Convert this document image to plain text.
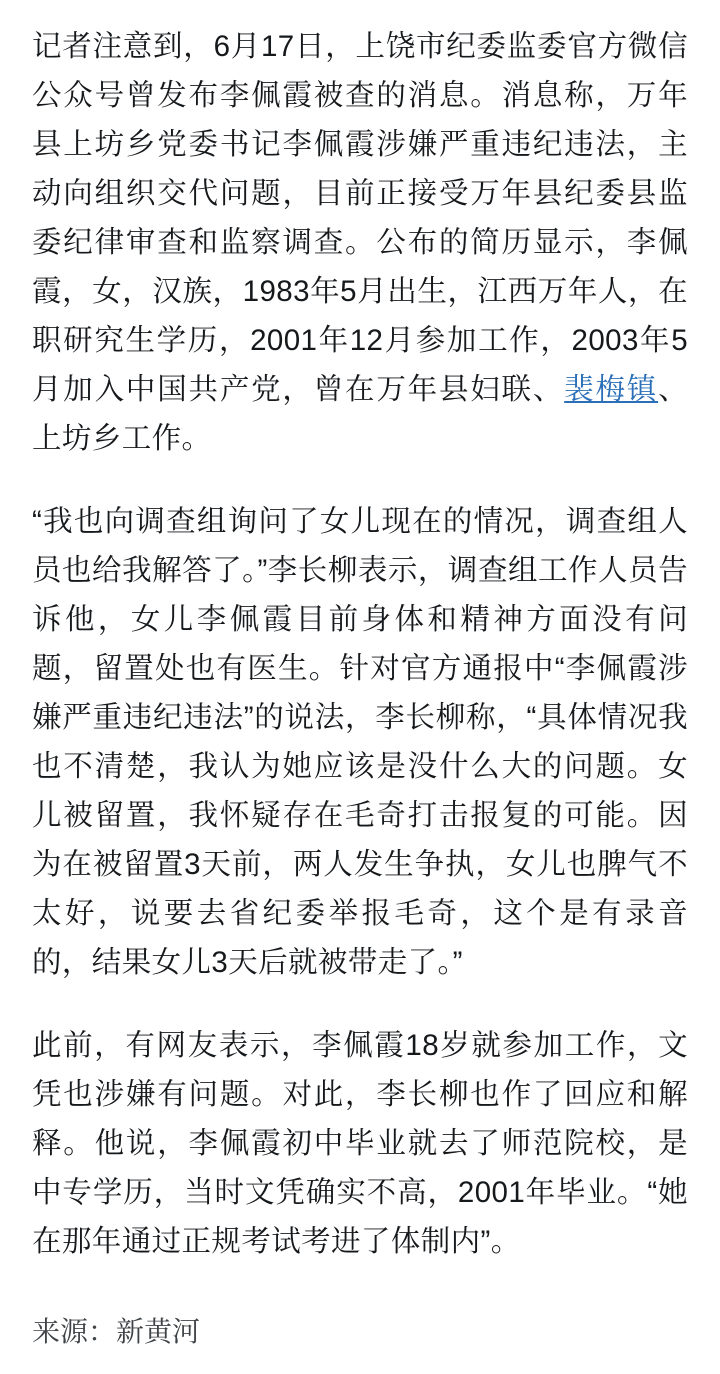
记者注意到，6月17日，上饶市纪委监委官方微信公众号曾发布李佩霞被查的消息。消息称，万年县上坊乡党委书记李佩霞涉嫌严重违纪违法，主动向组织交代问题，目前正接受万年县纪委县监委纪律审查和监察调查。公布的简历显示，李佩霞，女，汉族，1983年5月出生，江西万年人，在职研究生学历，2001年12月参加工作，2003年5月加入中国共产党，曾在万年县妇联、裴梅镇、上坊乡工作。

“我也向调查组询问了女儿现在的情况，调查组人员也给我解答了。”李长柳表示，调查组工作人员告诉他，女儿李佩霞目前身体和精神方面没有问题，留置处也有医生。针对官方通报中“李佩霞涉嫌严重违纪违法”的说法，李长柳称，“具体情况我也不清楚，我认为她应该是没什么大的问题。女儿被留置，我怀疑存在毛奇打击报复的可能。因为在被留置3天前，两人发生争执，女儿也脾气不太好，说要去省纪委举报毛奇，这个是有录音的，结果女儿3天后就被带走了。”

此前，有网友表示，李佩霞18岁就参加工作，文凭也涉嫌有问题。对此，李长柳也作了回应和解释。他说，李佩霞初中毕业就去了师范院校，是中专学历，当时文凭确实不高，2001年毕业。“她在那年通过正规考试考进了体制内”。

来源：新黄河
